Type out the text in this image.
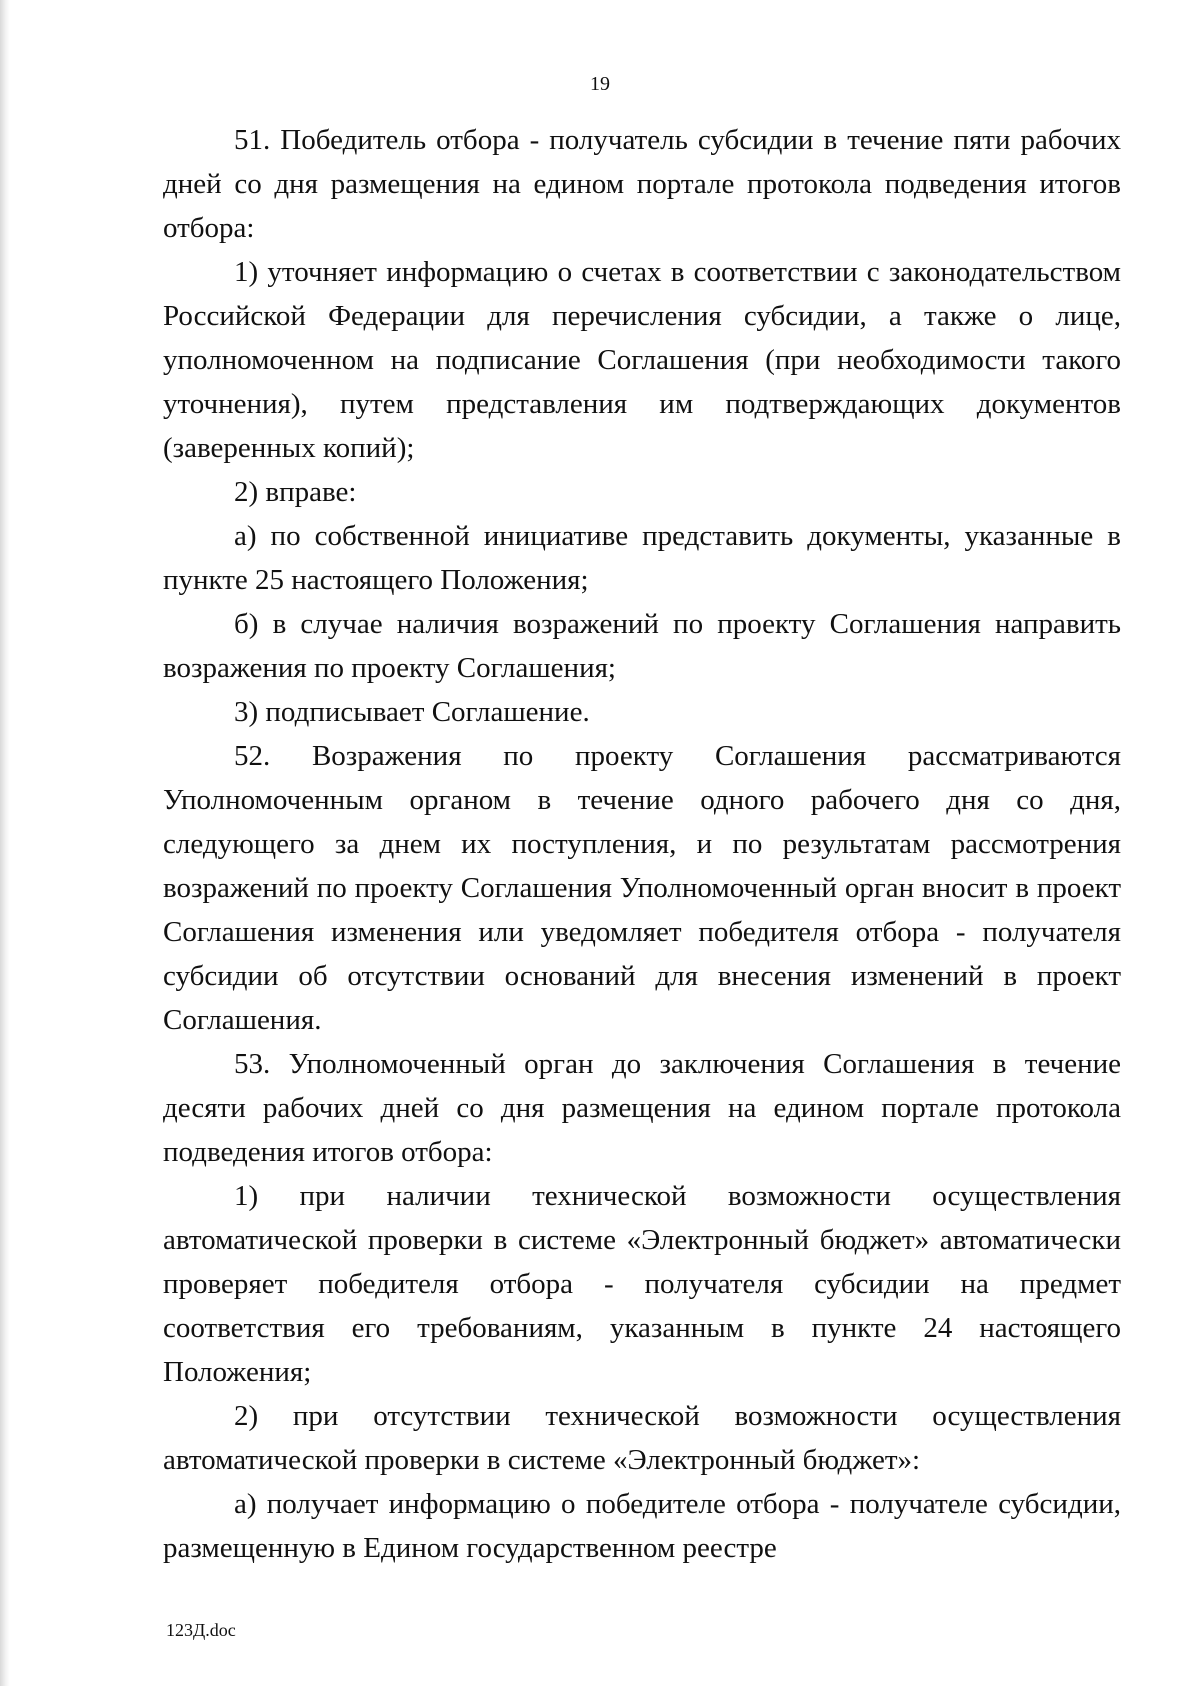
19

51. Победитель отбора - получатель субсидии в течение пяти рабочих дней со дня размещения на едином портале протокола подведения итогов отбора:

1) уточняет информацию о счетах в соответствии с законодательством Российской Федерации для перечисления субсидии, а также о лице, уполномоченном на подписание Соглашения (при необходимости такого уточнения), путем представления им подтверждающих документов (заверенных копий);

2) вправе:

а) по собственной инициативе представить документы, указанные в пункте 25 настоящего Положения;

б) в случае наличия возражений по проекту Соглашения направить возражения по проекту Соглашения;

3) подписывает Соглашение.

52. Возражения по проекту Соглашения рассматриваются Уполномоченным органом в течение одного рабочего дня со дня, следующего за днем их поступления, и по результатам рассмотрения возражений по проекту Соглашения Уполномоченный орган вносит в проект Соглашения изменения или уведомляет победителя отбора - получателя субсидии об отсутствии оснований для внесения изменений в проект Соглашения.

53. Уполномоченный орган до заключения Соглашения в течение десяти рабочих дней со дня размещения на едином портале протокола подведения итогов отбора:

1) при наличии технической возможности осуществления автоматической проверки в системе «Электронный бюджет» автоматически проверяет победителя отбора - получателя субсидии на предмет соответствия его требованиям, указанным в пункте 24 настоящего Положения;

2) при отсутствии технической возможности осуществления автоматической проверки в системе «Электронный бюджет»:

а) получает информацию о победителе отбора - получателе субсидии, размещенную в Едином государственном реестре

123Д.doc
